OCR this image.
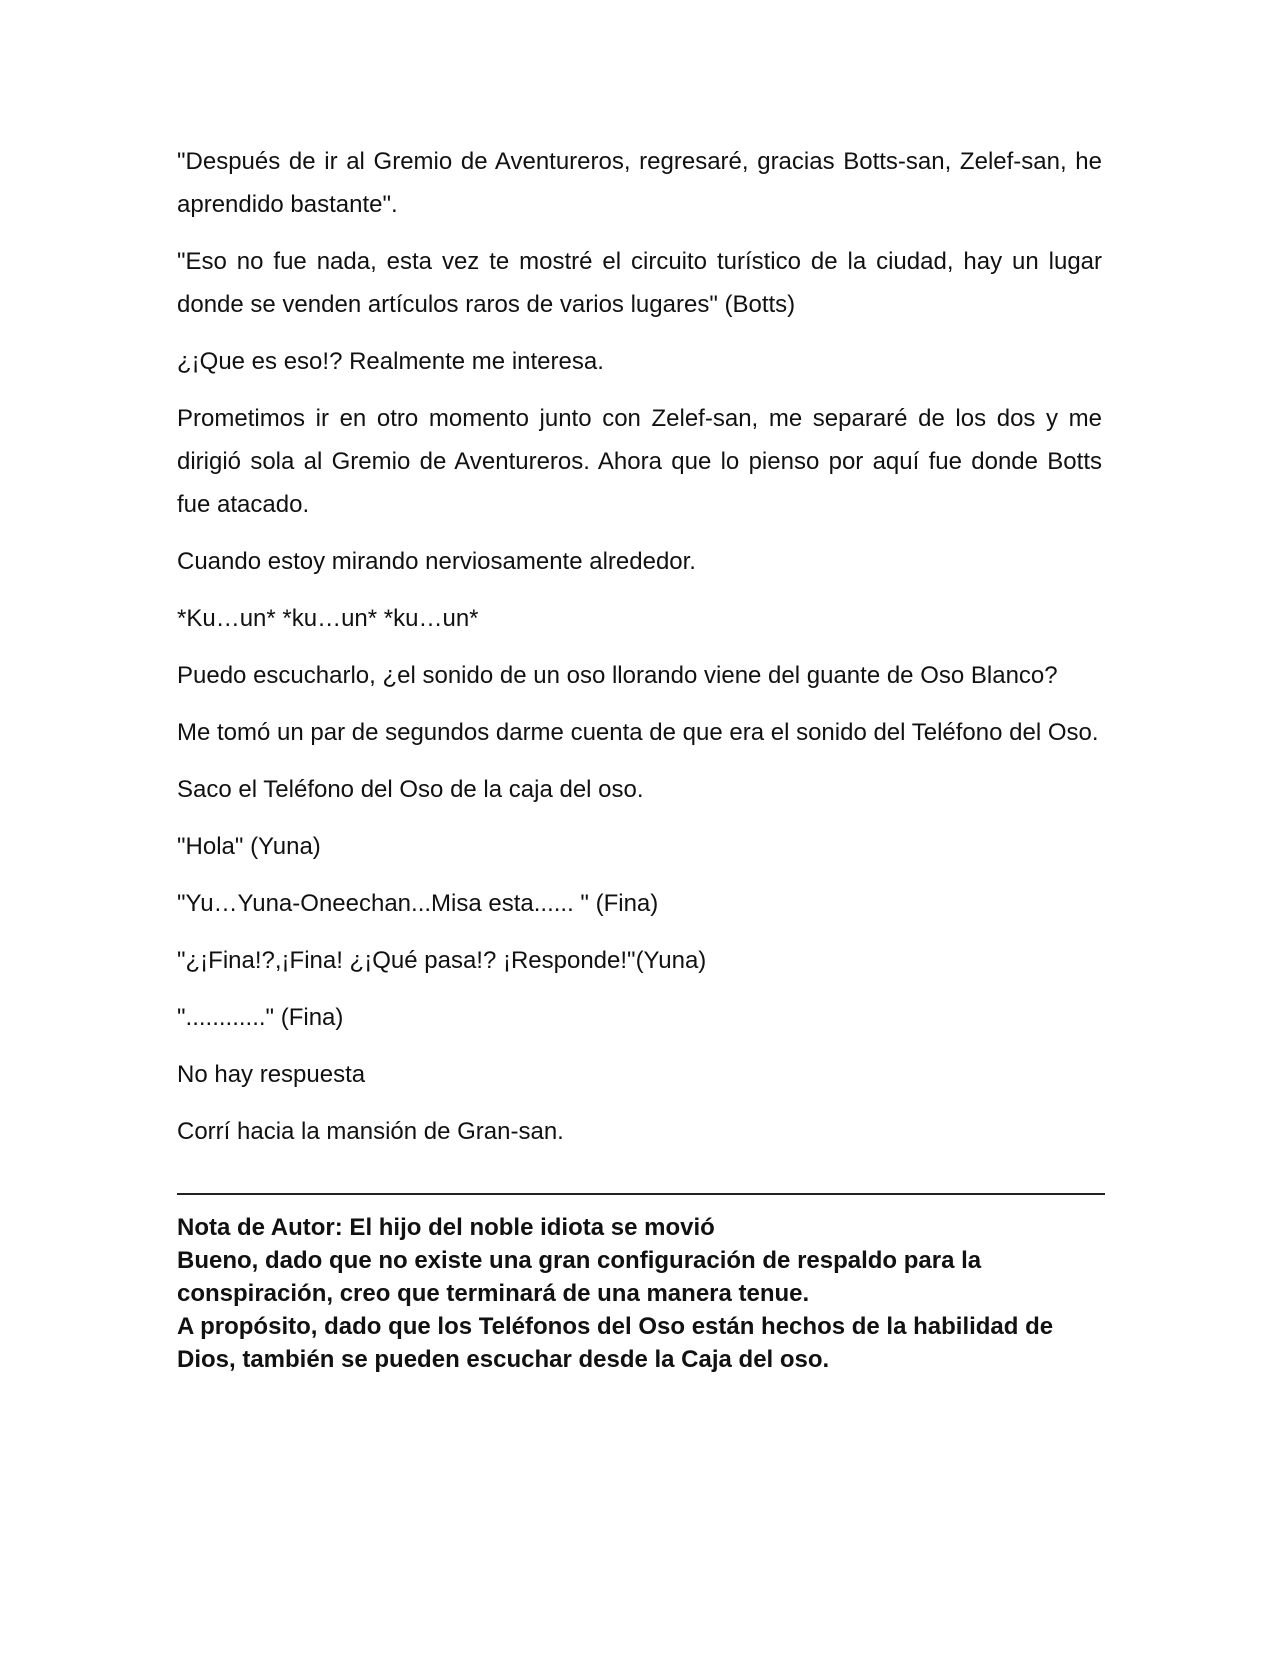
"Después de ir al Gremio de Aventureros, regresaré, gracias Botts-san, Zelef-san, he aprendido bastante".

"Eso no fue nada, esta vez te mostré el circuito turístico de la ciudad, hay un lugar donde se venden artículos raros de varios lugares" (Botts)

¿¡Que es eso!? Realmente me interesa.

Prometimos ir en otro momento junto con Zelef-san, me separaré de los dos y me dirigió sola al Gremio de Aventureros. Ahora que lo pienso por aquí fue donde Botts fue atacado.

Cuando estoy mirando nerviosamente alrededor.

*Ku…un* *ku…un* *ku…un*

Puedo escucharlo, ¿el sonido de un oso llorando viene del guante de Oso Blanco?

Me tomó un par de segundos darme cuenta de que era el sonido del Teléfono del Oso.

Saco el Teléfono del Oso de la caja del oso.

"Hola" (Yuna)

"Yu…Yuna-Oneechan...Misa esta...... " (Fina)

"¿¡Fina!?,¡Fina! ¿¡Qué pasa!? ¡Responde!"(Yuna)

"............" (Fina)

No hay respuesta

Corrí hacia la mansión de Gran-san.

Nota de Autor: El hijo del noble idiota se movió
Bueno, dado que no existe una gran configuración de respaldo para la conspiración, creo que terminará de una manera tenue.
A propósito, dado que los Teléfonos del Oso están hechos de la habilidad de Dios, también se pueden escuchar desde la Caja del oso.
